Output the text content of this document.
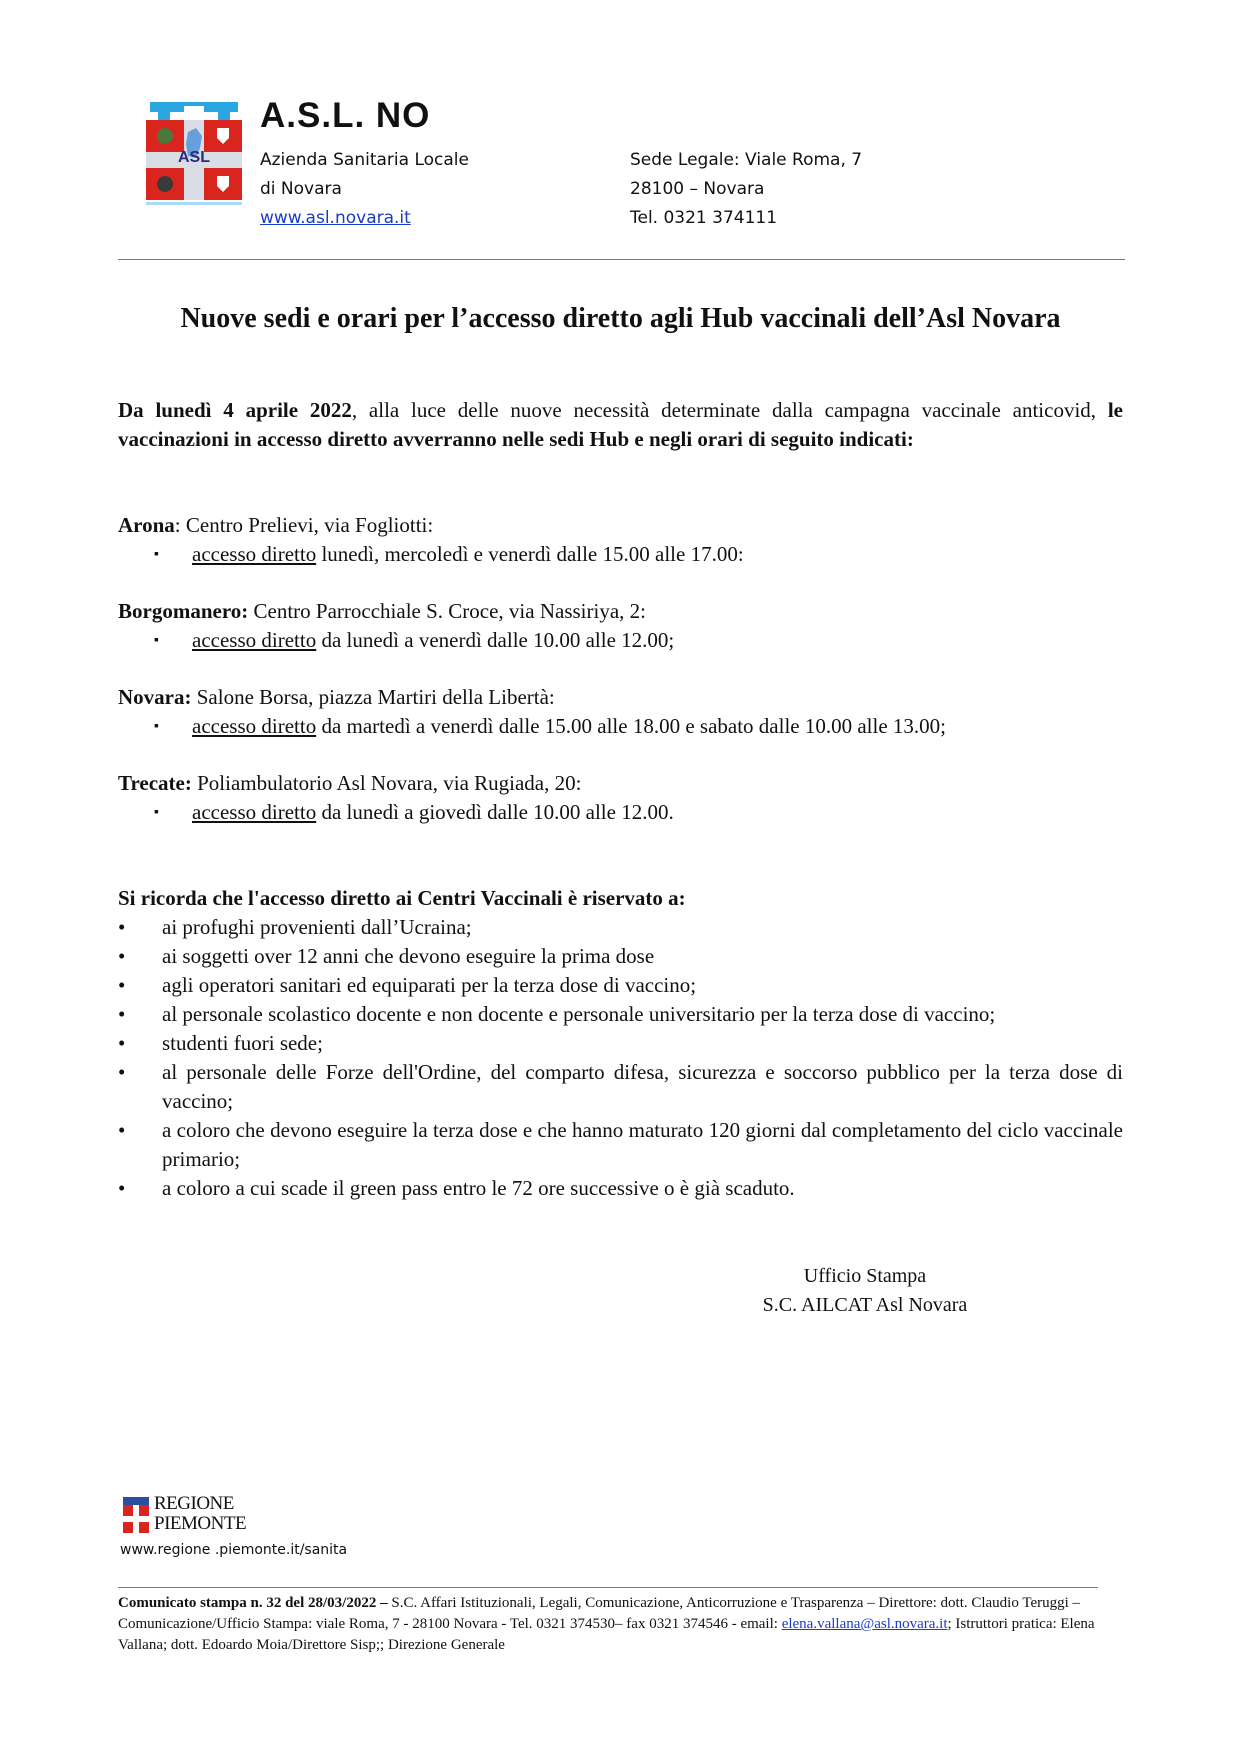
ASL
A.S.L. NO
Azienda Sanitaria Locale
di Novara
www.asl.novara.it
Sede Legale: Viale Roma, 7
28100 – Novara
Tel. 0321 374111
Nuove sedi e orari per l’accesso diretto agli Hub vaccinali dell’Asl Novara
Da lunedì 4 aprile 2022, alla luce delle nuove necessità determinate dalla campagna vaccinale anticovid, le vaccinazioni in accesso diretto avverranno nelle sedi Hub e negli orari di seguito indicati:
Arona: Centro Prelievi, via Fogliotti:
▪	accesso diretto lunedì, mercoledì e venerdì dalle 15.00 alle 17.00:
Borgomanero: Centro Parrocchiale S. Croce, via Nassiriya, 2:
▪	accesso diretto da lunedì a venerdì dalle 10.00 alle 12.00;
Novara: Salone Borsa, piazza Martiri della Libertà:
▪	accesso diretto da martedì a venerdì dalle 15.00 alle 18.00 e sabato dalle 10.00 alle 13.00;
Trecate: Poliambulatorio Asl Novara, via Rugiada, 20:
▪	accesso diretto da lunedì a giovedì dalle 10.00 alle 12.00.
Si ricorda che l'accesso diretto ai Centri Vaccinali è riservato a:
• ai profughi provenienti dall’Ucraina;
• ai soggetti over 12 anni che devono eseguire la prima dose
• agli operatori sanitari ed equiparati per la terza dose di vaccino;
• al personale scolastico docente e non docente e personale universitario per la terza dose di vaccino;
• studenti fuori sede;
• al personale delle Forze dell'Ordine, del comparto difesa, sicurezza e soccorso pubblico per la terza dose di vaccino;
• a coloro che devono eseguire la terza dose e che hanno maturato 120 giorni dal completamento del ciclo vaccinale primario;
• a coloro a cui scade il green pass entro le 72 ore successive o è già scaduto.
Ufficio Stampa
S.C. AILCAT Asl Novara
REGIONE
PIEMONTE
www.regione .piemonte.it/sanita
Comunicato stampa n. 32 del 28/03/2022 – S.C. Affari Istituzionali, Legali, Comunicazione, Anticorruzione e Trasparenza – Direttore: dott. Claudio Teruggi –Comunicazione/Ufficio Stampa: viale Roma, 7 - 28100 Novara - Tel. 0321 374530– fax 0321 374546 - email: elena.vallana@asl.novara.it; Istruttori pratica: Elena Vallana; dott. Edoardo Moia/Direttore Sisp;; Direzione Generale
